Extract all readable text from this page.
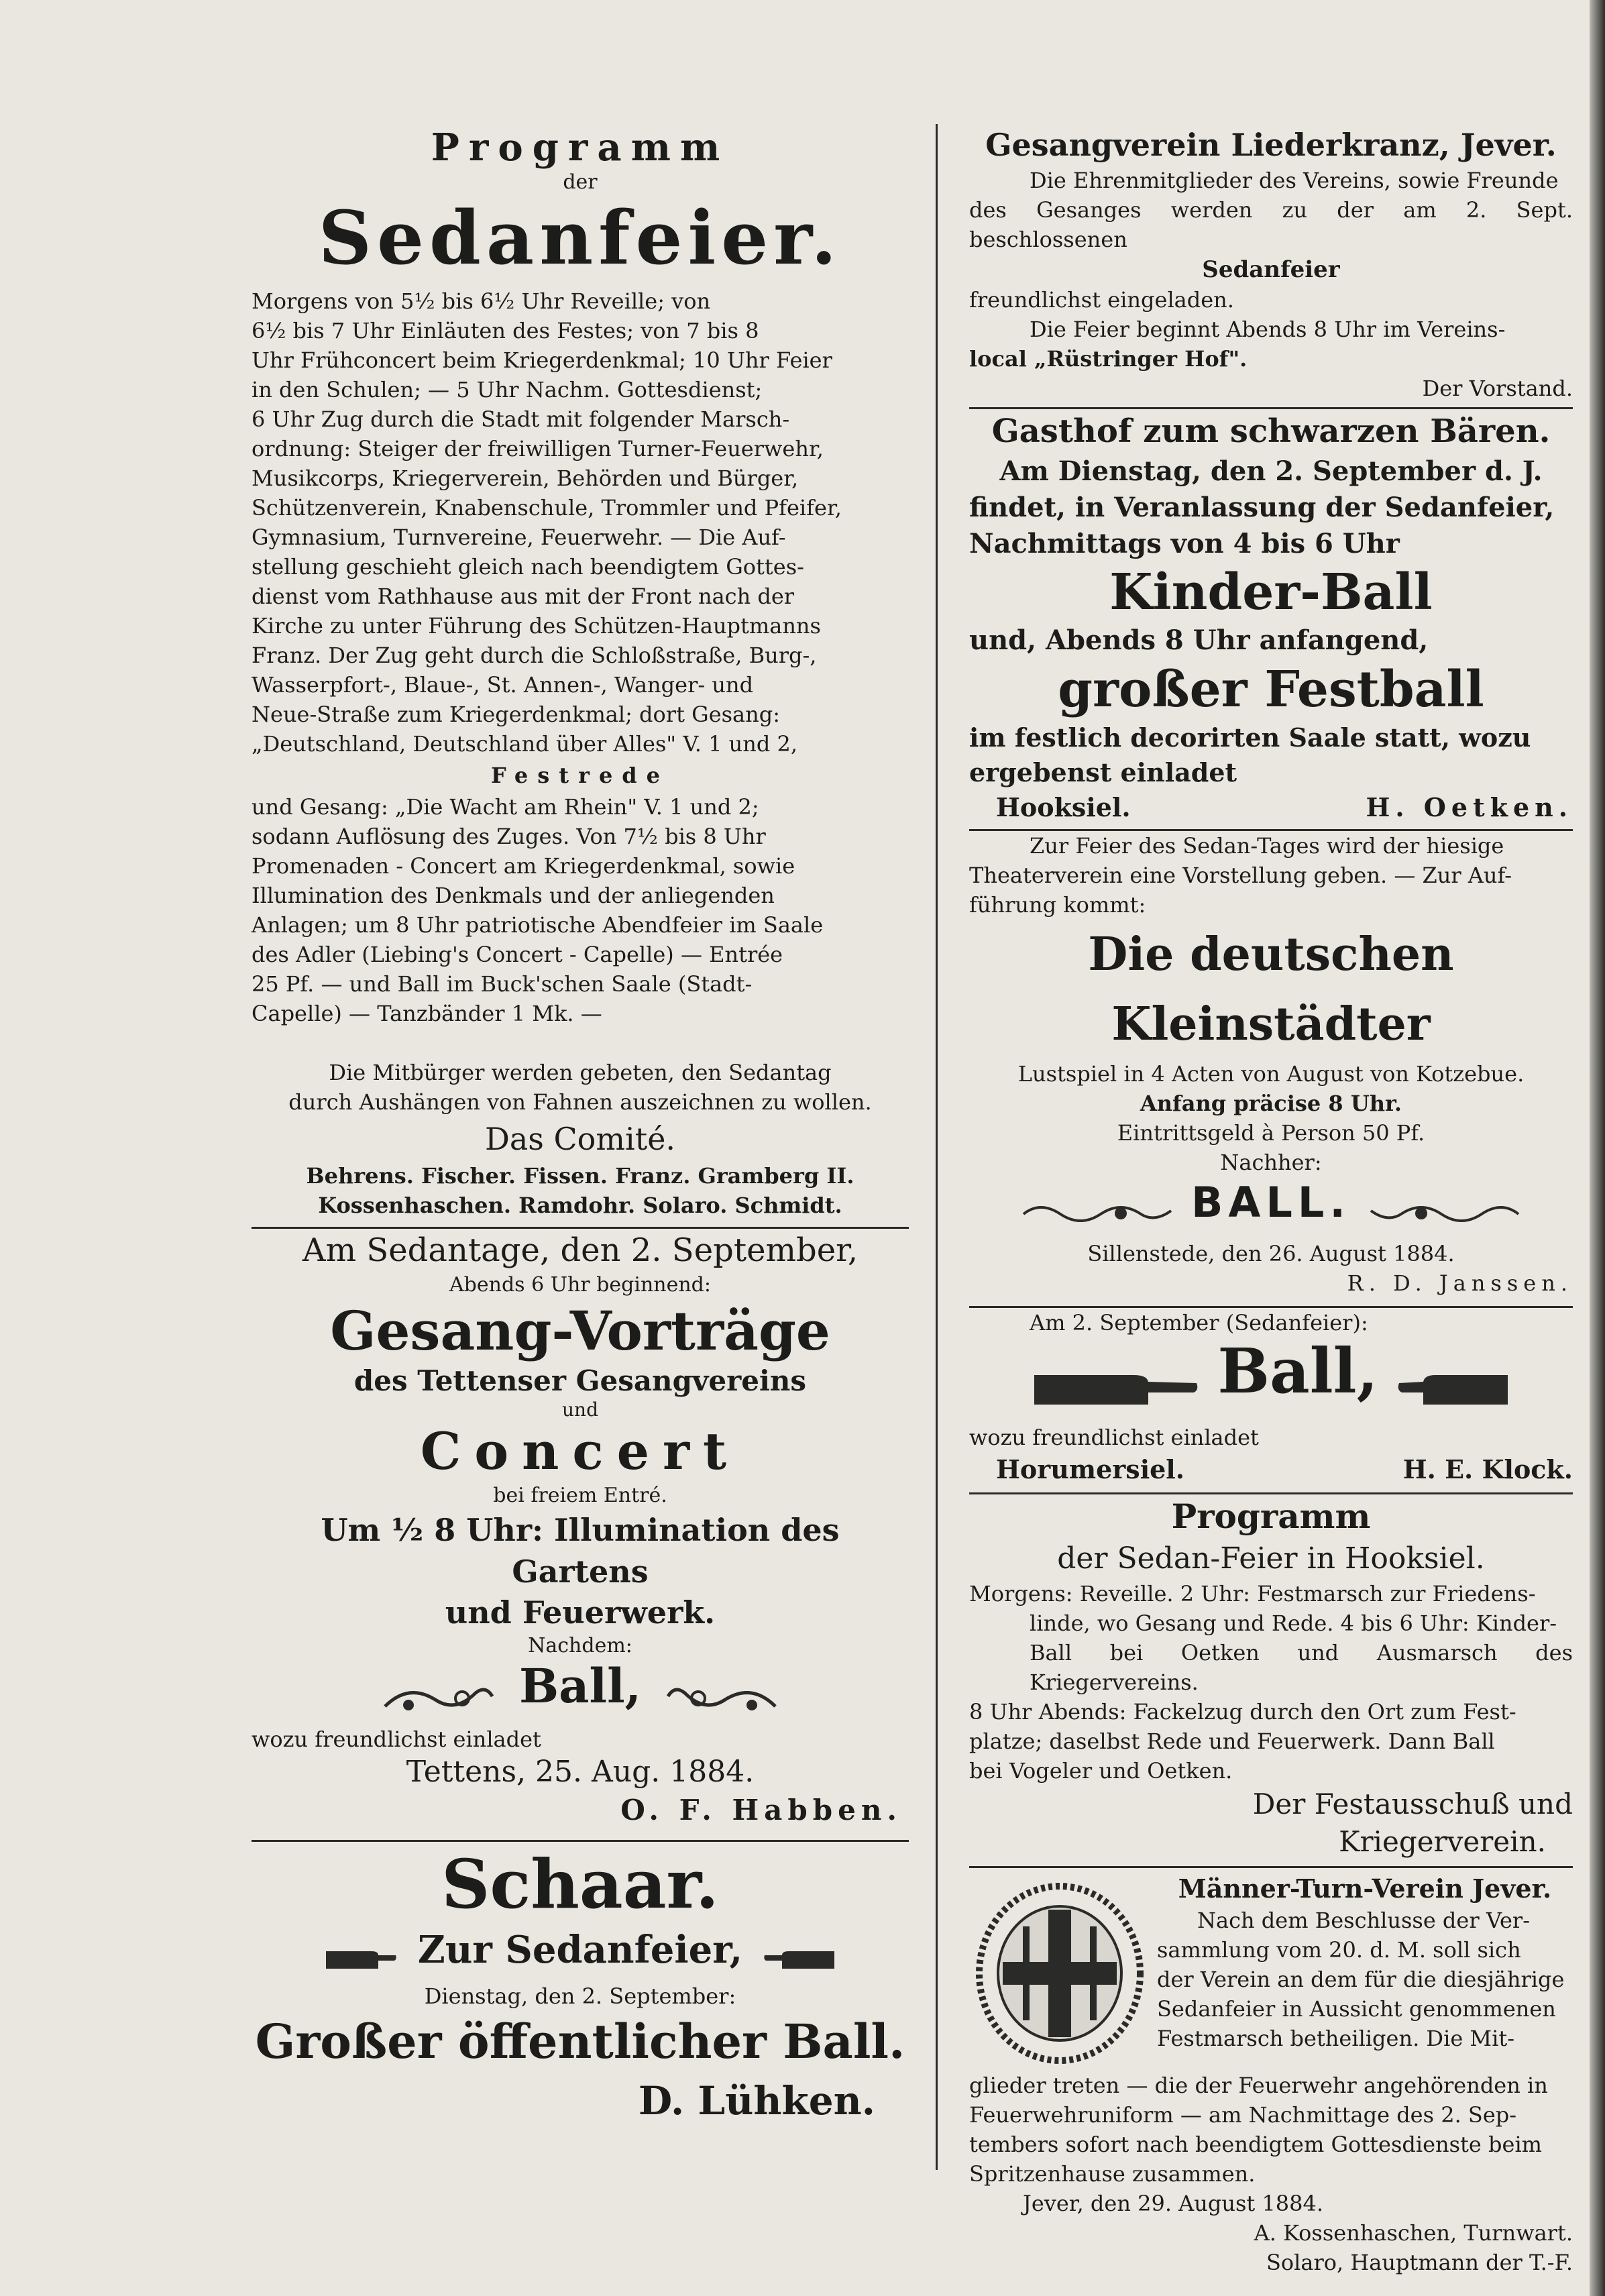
Programm
der
Sedanfeier.

Morgens von 5½ bis 6½ Uhr Reveille; von

6½ bis 7 Uhr Einläuten des Festes; von 7 bis 8

Uhr Frühconcert beim Kriegerdenkmal; 10 Uhr Feier

in den Schulen; — 5 Uhr Nachm. Gottesdienst;

6 Uhr Zug durch die Stadt mit folgender Marsch-

ordnung: Steiger der freiwilligen Turner-Feuerwehr,

Musikcorps, Kriegerverein, Behörden und Bürger,

Schützenverein, Knabenschule, Trommler und Pfeifer,

Gymnasium, Turnvereine, Feuerwehr. — Die Auf-

stellung geschieht gleich nach beendigtem Gottes-

dienst vom Rathhause aus mit der Front nach der

Kirche zu unter Führung des Schützen-Hauptmanns

Franz. Der Zug geht durch die Schloßstraße, Burg-,

Wasserpfort-, Blaue-, St. Annen-, Wanger- und

Neue-Straße zum Kriegerdenkmal; dort Gesang:

„Deutschland, Deutschland über Alles" V. 1 und 2,

Festrede

und Gesang: „Die Wacht am Rhein" V. 1 und 2;

sodann Auflösung des Zuges. Von 7½ bis 8 Uhr

Promenaden - Concert am Kriegerdenkmal, sowie

Illumination des Denkmals und der anliegenden

Anlagen; um 8 Uhr patriotische Abendfeier im Saale

des Adler (Liebing's Concert - Capelle) — Entrée

25 Pf. — und Ball im Buck'schen Saale (Stadt-

Capelle) — Tanzbänder 1 Mk. —

Die Mitbürger werden gebeten, den Sedantag

durch Aushängen von Fahnen auszeichnen zu wollen.

Das Comité.
Behrens. Fischer. Fissen. Franz. Gramberg II.
Kossenhaschen. Ramdohr. Solaro. Schmidt.
Am Sedantage, den 2. September,
Abends 6 Uhr beginnend:
Gesang-Vorträge
des Tettenser Gesangvereins
und
Concert
bei freiem Entré.
Um ½ 8 Uhr: Illumination des Gartens
und Feuerwerk.
Nachdem:
Ball,
wozu freundlichst einladet
Tettens, 25. Aug. 1884.
O. F. Habben.
Schaar.
Zur Sedanfeier,
Dienstag, den 2. September:
Großer öffentlicher Ball.
D. Lühken.
Gesangverein Liederkranz, Jever.

Die Ehrenmitglieder des Vereins, sowie Freunde

des Gesanges werden zu der am 2. Sept. beschlossenen

Sedanfeier
freundlichst eingeladen.
Die Feier beginnt Abends 8 Uhr im Vereins-
local „Rüstringer Hof".
Der Vorstand.
Gasthof zum schwarzen Bären.

Am Dienstag, den 2. September d. J.

findet, in Veranlassung der Sedanfeier,

Nachmittags von 4 bis 6 Uhr

Kinder-Ball
und, Abends 8 Uhr anfangend,
großer Festball

im festlich decorirten Saale statt, wozu

ergebenst einladet

Hooksiel.	H. Oetken.

Zur Feier des Sedan-Tages wird der hiesige

Theaterverein eine Vorstellung geben. — Zur Auf-

führung kommt:

Die deutschen Kleinstädter
Lustspiel in 4 Acten von August von Kotzebue.
Anfang präcise 8 Uhr.
Eintrittsgeld à Person 50 Pf.
Nachher:
BALL.
Sillenstede, den 26. August 1884.
R. D. Janssen.
Am 2. September (Sedanfeier):
Ball,
wozu freundlichst einladet
Horumersiel.	H. E. Klock.
Programm
der Sedan-Feier in Hooksiel.

Morgens: Reveille. 2 Uhr: Festmarsch zur Friedens-

linde, wo Gesang und Rede. 4 bis 6 Uhr: Kinder-

Ball bei Oetken und Ausmarsch des Kriegervereins.

8 Uhr Abends: Fackelzug durch den Ort zum Fest-

platze; daselbst Rede und Feuerwerk. Dann Ball

bei Vogeler und Oetken.

Der Festausschuß und
Kriegerverein.
Männer-Turn-Verein Jever.

Nach dem Beschlusse der Ver-

sammlung vom 20. d. M. soll sich

der Verein an dem für die diesjährige

Sedanfeier in Aussicht genommenen

Festmarsch betheiligen. Die Mit-

glieder treten — die der Feuerwehr angehörenden in

Feuerwehruniform — am Nachmittage des 2. Sep-

tembers sofort nach beendigtem Gottesdienste beim

Spritzenhause zusammen.

Jever, den 29. August 1884.
A. Kossenhaschen, Turnwart.
Solaro, Hauptmann der T.-F.
